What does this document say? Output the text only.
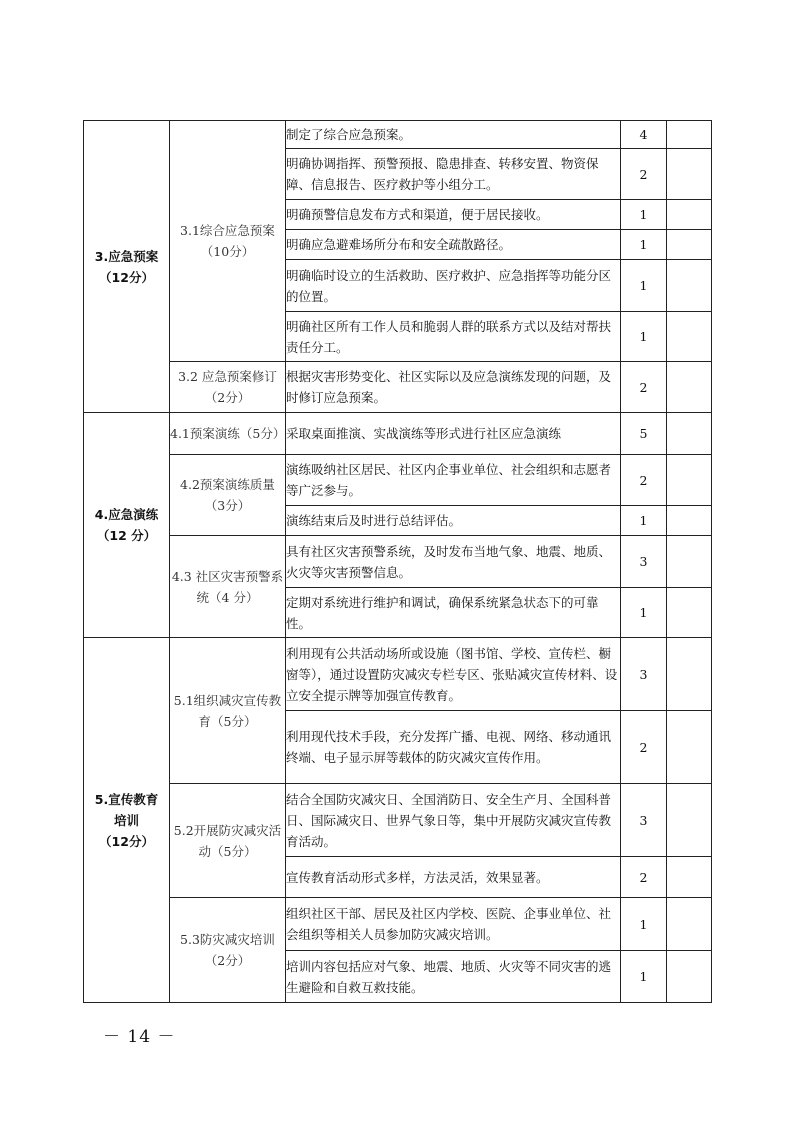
3.应急预案
（12分）	3.1综合应急预案（10分）	制定了综合应急预案。	4	
		明确协调指挥、预警预报、隐患排查、转移安置、物资保障、信息报告、医疗救护等小组分工。	2	
		明确预警信息发布方式和渠道，便于居民接收。	1	
		明确应急避难场所分布和安全疏散路径。	1	
		明确临时设立的生活救助、医疗救护、应急指挥等功能分区的位置。	1	
		明确社区所有工作人员和脆弱人群的联系方式以及结对帮扶责任分工。	1	
	3.2 应急预案修订（2分）	根据灾害形势变化、社区实际以及应急演练发现的问题，及时修订应急预案。	2	

4.应急演练
（12 分）	4.1预案演练（5分）	采取桌面推演、实战演练等形式进行社区应急演练	5	
	4.2预案演练质量（3分）	演练吸纳社区居民、社区内企事业单位、社会组织和志愿者等广泛参与。	2	
		演练结束后及时进行总结评估。	1	
	4.3 社区灾害预警系统（4 分）	具有社区灾害预警系统，及时发布当地气象、地震、地质、火灾等灾害预警信息。	3	
		定期对系统进行维护和调试，确保系统紧急状态下的可靠性。	1	

5.宣传教育培训
（12分）	5.1组织减灾宣传教育（5分）	利用现有公共活动场所或设施（图书馆、学校、宣传栏、橱窗等），通过设置防灾减灾专栏专区、张贴减灾宣传材料、设立安全提示牌等加强宣传教育。	3	
		利用现代技术手段，充分发挥广播、电视、网络、移动通讯终端、电子显示屏等载体的防灾减灾宣传作用。	2	
	5.2开展防灾减灾活动（5分）	结合全国防灾减灾日、全国消防日、安全生产月、全国科普日、国际减灾日、世界气象日等，集中开展防灾减灾宣传教育活动。	3	
		宣传教育活动形式多样，方法灵活，效果显著。	2	
	5.3防灾减灾培训（2分）	组织社区干部、居民及社区内学校、医院、企事业单位、社会组织等相关人员参加防灾减灾培训。	1	
		培训内容包括应对气象、地震、地质、火灾等不同灾害的逃生避险和自救互救技能。	1	
－ 14 －
